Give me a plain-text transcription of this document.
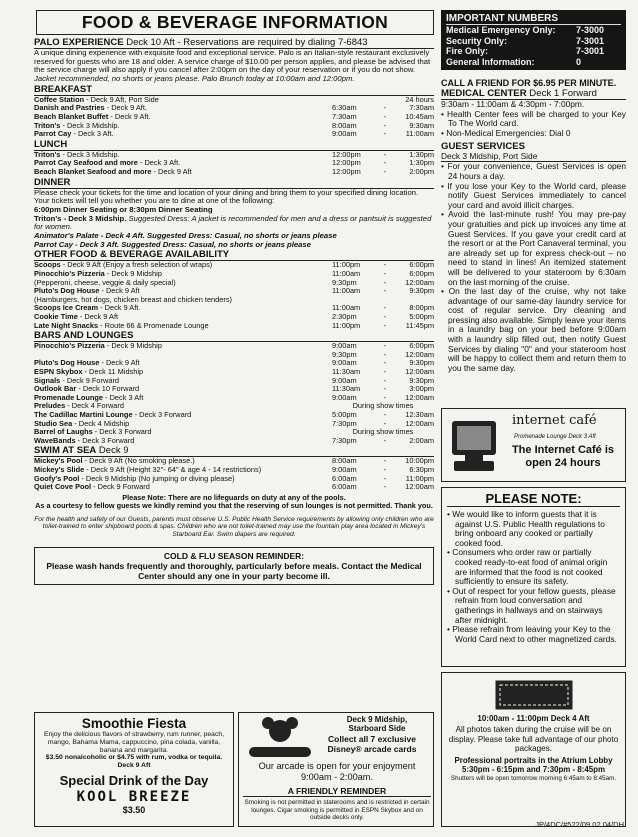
FOOD & BEVERAGE INFORMATION
PALO EXPERIENCE Deck 10 Aft - Reservations are required by dialing 7-6843
A unique dining experience with exquisite food and exceptional service. Palo is an Italian-style restaurant exclusively reserved for guests who are 18 and older. A service charge of $10.00 per person applies, and please be advised that the service charge will also apply if you cancel after 2:00pm on the day of your reservation or if you do not show. Jacket recommended, no shorts or jeans please. Palo Brunch today at 10:00am and 12:00pm.
BREAKFAST
Coffee Station - Deck 9 Aft, Port Side	24 hours
Danish and Pastries - Deck 9 Aft.	6:30am	-	7:30am
Beach Blanket Buffet - Deck 9 Aft.	7:30am	-	10:45am
Triton's - Deck 3 Midship.	8:00am	-	9:30am
Parrot Cay - Deck 3 Aft.	9:00am	-	11:00am
LUNCH
Triton's - Deck 3 Midship.	12:00pm	-	1:30pm
Parrot Cay Seafood and more - Deck 3 Aft.	12:00pm	-	1:30pm
Beach Blanket Seafood and more - Deck 9 Aft	12:00pm	-	2:00pm
DINNER
Please check your tickets for the time and location of your dining and bring them to your specified dining location. Your tickets will tell you whether you are to dine at one of the following:
6:00pm Dinner Seating or 8:30pm Dinner Seating
Triton's - Deck 3 Midship. Suggested Dress: A jacket is recommended for men and a dress or pantsuit is suggested for women.
Animator's Palate - Deck 4 Aft. Suggested Dress: Casual, no shorts or jeans please
Parrot Cay - Deck 3 Aft. Suggested Dress: Casual, no shorts or jeans please
OTHER FOOD & BEVERAGE AVAILABILITY
Scoops - Deck 9 Aft (Enjoy a fresh selection of wraps)	11:00pm	-	6:00pm
Pinocchio's Pizzeria - Deck 9 Midship	11:00am	-	6:00pm
(Pepperoni, cheese, veggie & daily special)	9:30pm	-	12:00am
Pluto's Dog House - Deck 9 Aft	11:00am	-	9:30pm
(Hamburgers, hot dogs, chicken breast and chicken tenders)
Scoops Ice Cream - Deck 9 Aft.	11:00am	-	8:00pm
Cookie Time - Deck 9 Aft	2:30pm	-	5:00pm
Late Night Snacks - Route 66 & Promenade Lounge	11:00pm	-	11:45pm
BARS AND LOUNGES
Pinocchio's Pizzeria - Deck 9 Midship	9:00am	-	6:00pm
9:30pm	-	12:00am
Pluto's Dog House - Deck 9 Aft	9:00am	-	9:30pm
ESPN Skybox - Deck 11 Midship	11:30am	-	12:00am
Signals - Deck 9 Forward	9:00am	-	9:30pm
Outlook Bar - Deck 10 Forward	11:30am	-	3:00pm
Promenade Lounge - Deck 3 Aft	9:00am	-	12:00am
Preludes - Deck 4 Forward	During show times
The Cadillac Martini Lounge - Deck 3 Forward	5:00pm	-	12:30am
Studio Sea - Deck 4 Midship	7:30pm	-	12:00am
Barrel of Laughs - Deck 3 Forward	During show times
WaveBands - Deck 3 Forward	7:30pm	-	2:00am
SWIM AT SEA Deck 9
Mickey's Pool - Deck 9 Aft (No smoking please.)	8:00am	-	10:00pm
Mickey's Slide - Deck 9 Aft (Height 32"- 64" & age 4 - 14 restrictions)	9:00am	-	6:30pm
Goofy's Pool - Deck 9 Midship (No jumping or diving please)	6:00am	-	11:00pm
Quiet Cove Pool - Deck 9 Forward	6:00am	-	12:00am
Please Note: There are no lifeguards on duty at any of the pools.
As a courtesy to fellow guests we kindly remind you that the reserving of sun lounges is not permitted. Thank you.
For the health and safety of our Guests, parents must observe U.S. Public Health Service requirements by allowing only children who are toilet-trained to enter shipboard pools & spas. Children who are not toilet-trained may use the fountain play area located in Mickey's Starboard Ear. Swim diapers are required.
COLD & FLU SEASON REMINDER:
Please wash hands frequently and thoroughly, particularly before meals. Contact the Medical Center should any one in your party become ill.
IMPORTANT NUMBERS
Medical Emergency Only:	7-3000
Security Only:	7-3001
Fire Only:	7-3001
General Information:	0
CALL A FRIEND FOR $6.95 PER MINUTE.
MEDICAL CENTER Deck 1 Forward
9:30am - 11:00am & 4:30pm - 7:00pm.
• Health Center fees will be charged to your Key To The World card.
• Non-Medical Emergencies: Dial 0
GUEST SERVICES
Deck 3 Midship, Port Side
• For your convenience, Guest Services is open 24 hours a day.
• If you lose your Key to the World card, please notify Guest Services immediately to cancel your card and avoid illicit charges.
• Avoid the last-minute rush! You may pre-pay your gratuities and pick up invoices any time at Guest Services. If you gave your credit card at the resort or at the Port Canaveral terminal, you are already set up for express check-out – no need to stand in lines! An itemized statement will be delivered to your stateroom by 6:30am on the last morning of the cruise.
• On the last day of the cruise, why not take advantage of our same-day laundry service for cost of regular service. Dry cleaning and pressing also available. Simply leave your items in a laundry bag on your bed before 9:00am with a laundry slip filled out, then notify Guest Services by dialing "0" and your stateroom host will be happy to collect them and return them to you the same day.
internet café
Promenade Lounge Deck 3 Aft
The Internet Café is open 24 hours
PLEASE NOTE:
• We would like to inform guests that it is against U.S. Public Health regulations to bring onboard any cooked or partially cooked food.
• Consumers who order raw or partially cooked ready-to-eat food of animal origin are informed that the food is not cooked sufficiently to ensure its safety.
• Out of respect for your fellow guests, please refrain from loud conversation and gatherings in hallways and on stairways after midnight.
• Please refrain from leaving your Key to the World Card next to other magnetized cards.
Smoothie Fiesta
Enjoy the delicious flavors of strawberry, rum runner, peach, mango, Bahama Mama, cappuccino, pina colada, vanilla, banana and margarita.
$3.50 nonalcoholic or $4.75 with rum, vodka or tequila. Deck 9 Aft
Special Drink of the Day
KOOL BREEZE
$3.50
Deck 9 Midship, Starboard Side
Collect all 7 exclusive Disney® arcade cards
Our arcade is open for your enjoyment 9:00am - 2:00am.
A FRIENDLY REMINDER
Smoking is not permitted in staterooms and is restricted in certain lounges. Cigar smoking is permitted in ESPN Skybox and on outside decks only.
10:00am - 11:00pm Deck 4 Aft
All photos taken during the cruise will be on display. Please take full advantage of our photo packages.
Professional portraits in the Atrium Lobby 5:30pm - 6:15pm and 7:30pm - 8:45pm
Shutters will be open tomorrow morning 6:45am to 8:45am.
JP/4DC/#522/09.02.04/DH
